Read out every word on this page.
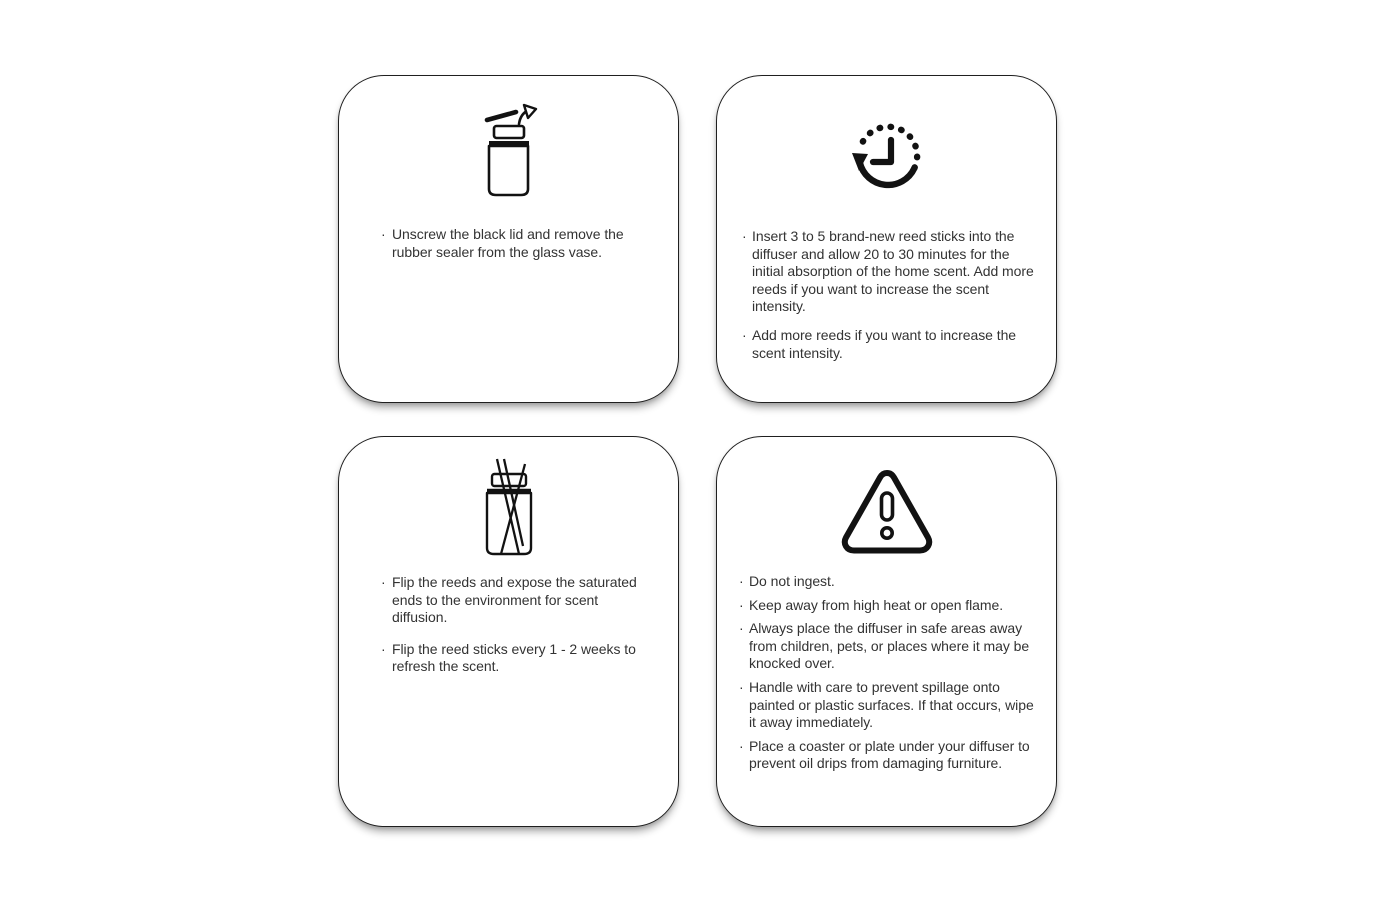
· Unscrew the black lid and remove the rubber sealer from the glass vase.
· Insert 3 to 5 brand-new reed sticks into the diffuser and allow 20 to 30 minutes for the initial absorption of the home scent. Add more reeds if you want to increase the scent intensity.
· Add more reeds if you want to increase the scent intensity.
· Flip the reeds and expose the saturated ends to the environment for scent diffusion.
· Flip the reed sticks every 1 - 2 weeks to refresh the scent.
· Do not ingest.
· Keep away from high heat or open flame.
· Always place the diffuser in safe areas away from children, pets, or places where it may be knocked over.
· Handle with care to prevent spillage onto painted or plastic surfaces. If that occurs, wipe it away immediately.
· Place a coaster or plate under your diffuser to prevent oil drips from damaging furniture.
